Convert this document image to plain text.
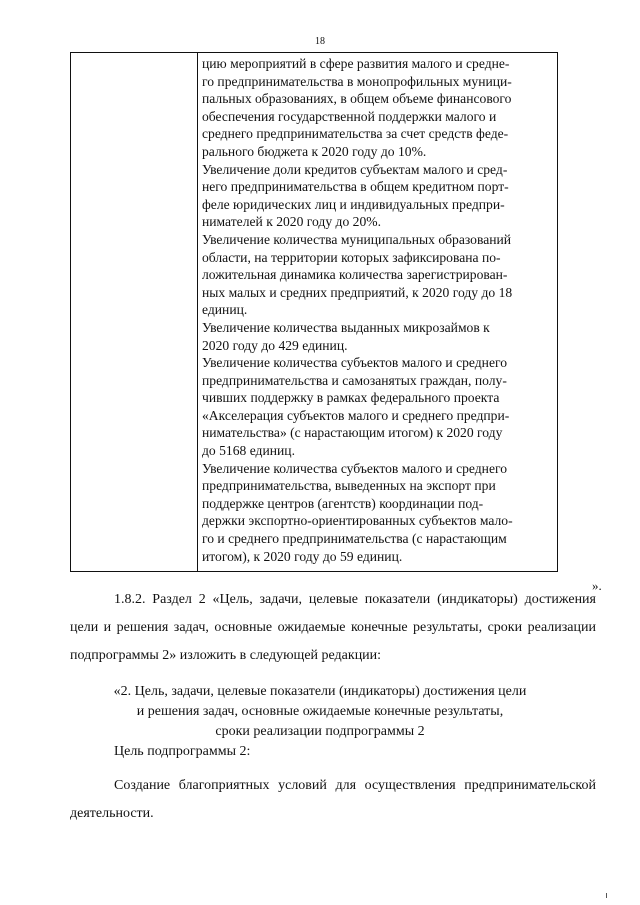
18

цию мероприятий в сфере развития малого и средне-

го предпринимательства в монопрофильных муници-

пальных образованиях, в общем объеме финансового

обеспечения государственной поддержки малого и

среднего предпринимательства за счет средств феде-

рального бюджета к 2020 году до 10%.

Увеличение доли кредитов субъектам малого и сред-

него предпринимательства в общем кредитном порт-

феле юридических лиц и индивидуальных предпри-

нимателей к 2020 году до 20%.

Увеличение количества муниципальных образований

области, на территории которых зафиксирована по-

ложительная динамика количества зарегистрирован-

ных малых и средних предприятий, к 2020 году до 18

единиц.

Увеличение количества выданных микрозаймов к

2020 году до 429 единиц.

Увеличение количества субъектов малого и среднего

предпринимательства и самозанятых граждан, полу-

чивших поддержку в рамках федерального проекта

«Акселерация субъектов малого и среднего предпри-

нимательства» (с нарастающим итогом) к 2020 году

до 5168 единиц.

Увеличение количества субъектов малого и среднего

предпринимательства, выведенных на экспорт при

поддержке центров (агентств) координации под-

держки экспортно-ориентированных субъектов мало-

го и среднего предпринимательства (с нарастающим

итогом), к 2020 году до 59 единиц.

».

1.8.2. Раздел 2 «Цель, задачи, целевые показатели (индикаторы) достижения цели и решения задач, основные ожидаемые конечные результаты, сроки реализации подпрограммы 2» изложить в следующей редакции:

«2. Цель, задачи, целевые показатели (индикаторы) достижения цели
и решения задач, основные ожидаемые конечные результаты,
сроки реализации подпрограммы 2
Цель подпрограммы 2:

Создание благоприятных условий для осуществления предпринимательской деятельности.
